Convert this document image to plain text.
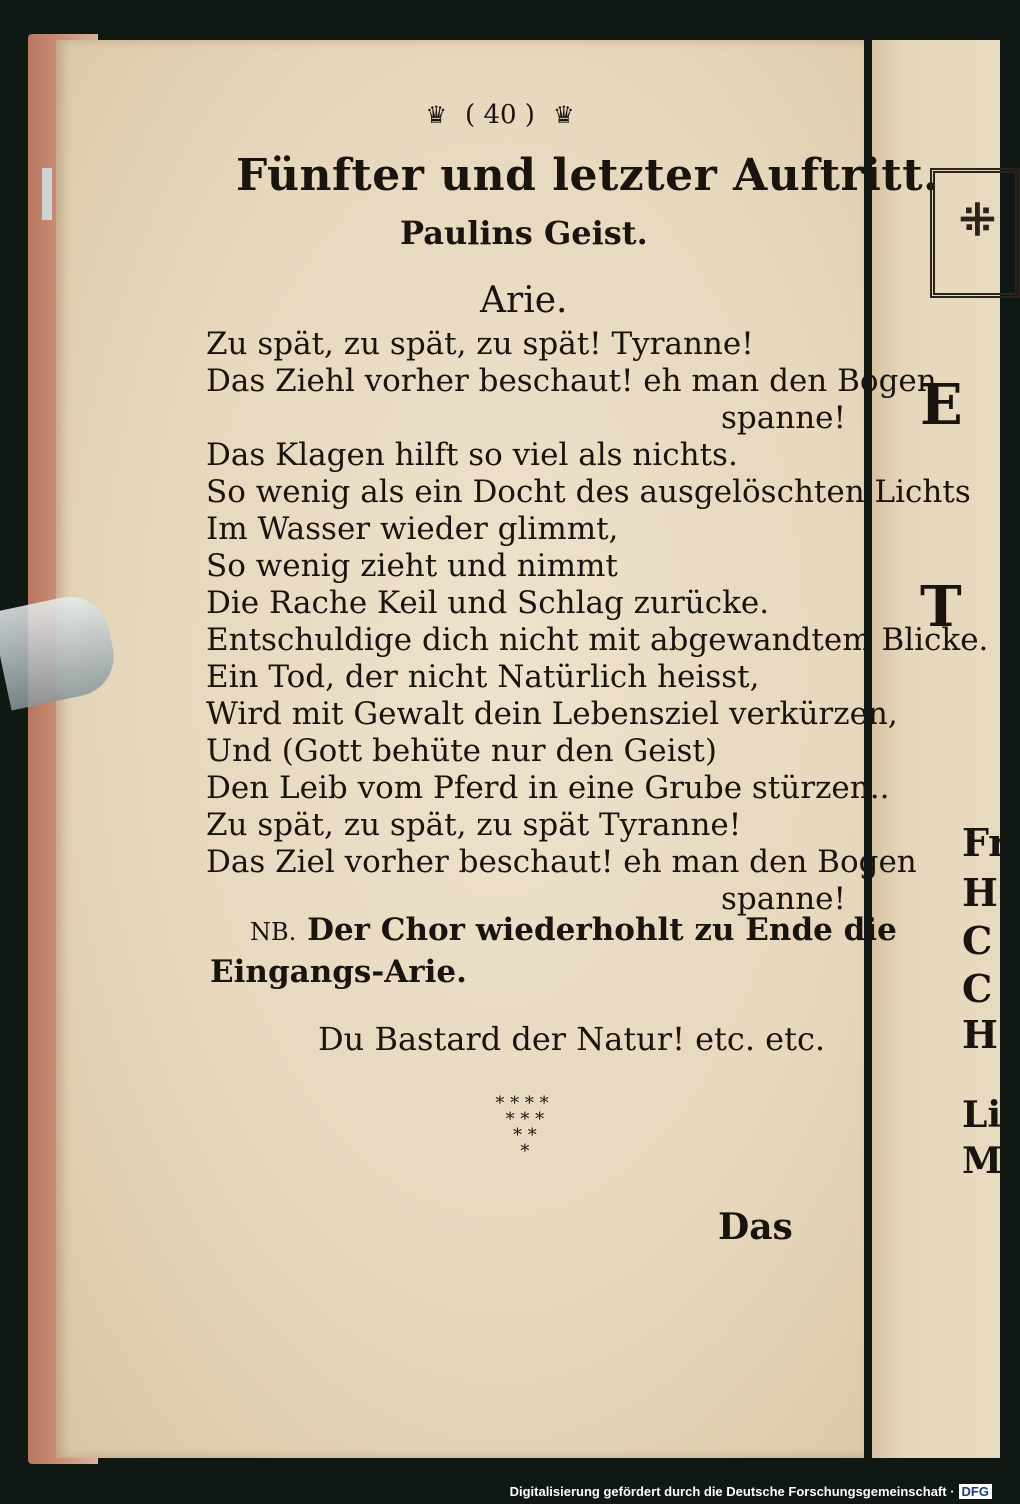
♛ ( 40 ) ♛
Fünfter und letzter Auftritt.
Paulins Geist.
Arie.
Zu spät, zu spät, zu spät! Tyranne!
Das Ziehl vorher beschaut! eh man den Bogen
spanne!
Das Klagen hilft so viel als nichts.
So wenig als ein Docht des ausgelöschten Lichts
Im Wasser wieder glimmt,
So wenig zieht und nimmt
Die Rache Keil und Schlag zurücke.
Entschuldige dich nicht mit abgewandtem Blicke.
Ein Tod, der nicht Natürlich heisst,
Wird mit Gewalt dein Lebensziel verkürzen,
Und (Gott behüte nur den Geist)
Den Leib vom Pferd in eine Grube stürzen..
Zu spät, zu spät, zu spät Tyranne!
Das Ziel vorher beschaut! eh man den Bogen
spanne!
NB. Der Chor wiederhohlt zu Ende die
Eingangs-Arie.
Du Bastard der Natur! etc. etc.
* * * *
* * *
* *
*
Das
⁜
E
T
Fr
H
C
C
H
Li
M
Digitalisierung gefördert durch die Deutsche Forschungsgemeinschaft · DFG
